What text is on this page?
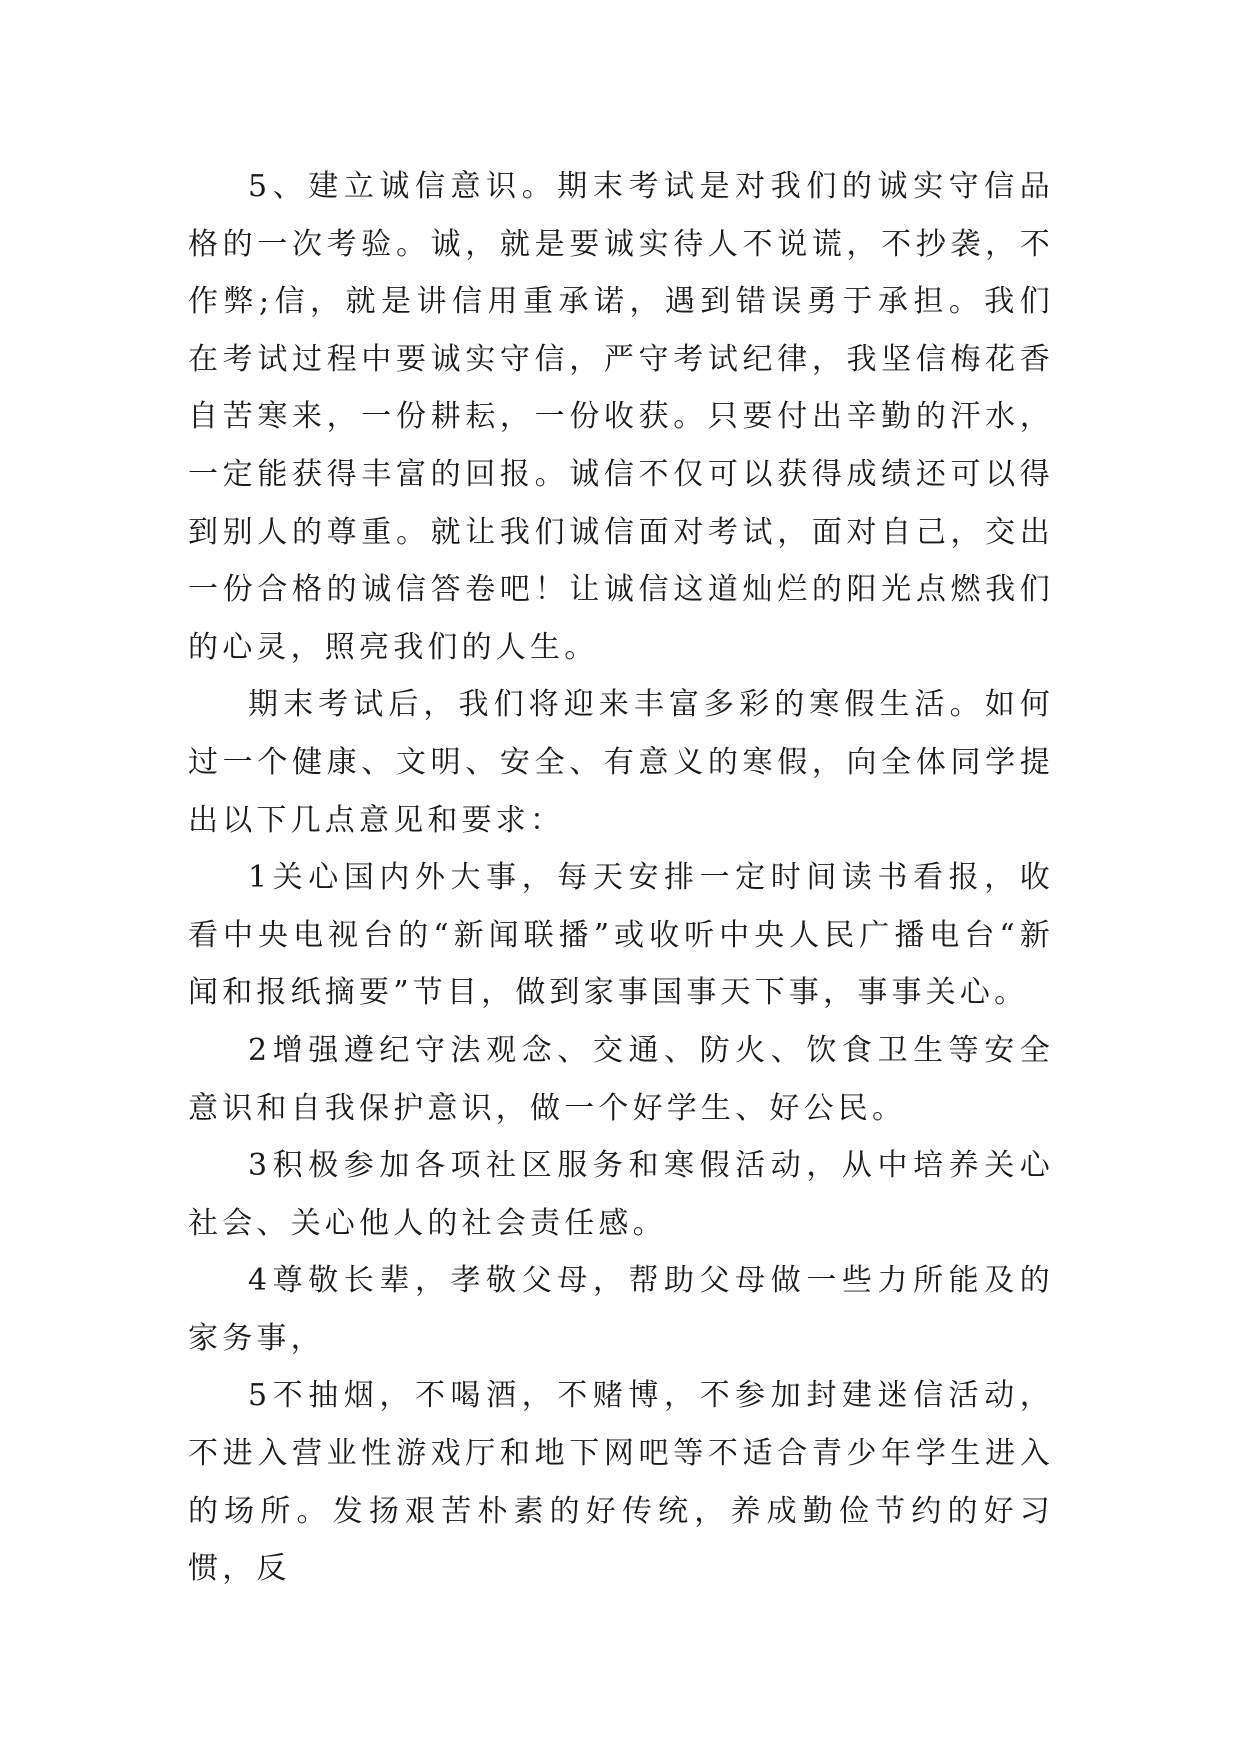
5、建立诚信意识。期末考试是对我们的诚实守信品格的一次考验。诚，就是要诚实待人不说谎，不抄袭，不作弊;信，就是讲信用重承诺，遇到错误勇于承担。我们在考试过程中要诚实守信，严守考试纪律，我坚信梅花香自苦寒来，一份耕耘，一份收获。只要付出辛勤的汗水，一定能获得丰富的回报。诚信不仅可以获得成绩还可以得到别人的尊重。就让我们诚信面对考试，面对自己，交出一份合格的诚信答卷吧！让诚信这道灿烂的阳光点燃我们的心灵，照亮我们的人生。

期末考试后，我们将迎来丰富多彩的寒假生活。如何过一个健康、文明、安全、有意义的寒假，向全体同学提出以下几点意见和要求：

1关心国内外大事，每天安排一定时间读书看报，收看中央电视台的“新闻联播”或收听中央人民广播电台“新闻和报纸摘要”节目，做到家事国事天下事，事事关心。

2增强遵纪守法观念、交通、防火、饮食卫生等安全意识和自我保护意识，做一个好学生、好公民。

3积极参加各项社区服务和寒假活动，从中培养关心社会、关心他人的社会责任感。

4尊敬长辈，孝敬父母，帮助父母做一些力所能及的家务事，

5不抽烟，不喝酒，不赌博，不参加封建迷信活动，不进入营业性游戏厅和地下网吧等不适合青少年学生进入的场所。发扬艰苦朴素的好传统，养成勤俭节约的好习惯，反
